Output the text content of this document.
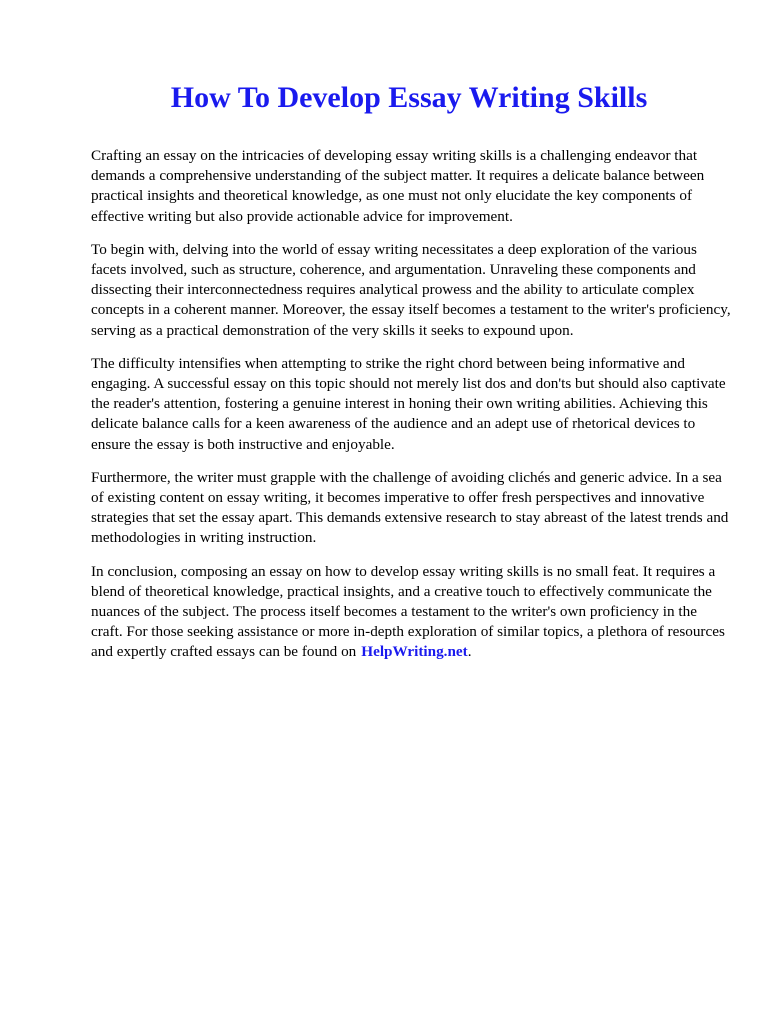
How To Develop Essay Writing Skills

Crafting an essay on the intricacies of developing essay writing skills is a challenging endeavor that demands a comprehensive understanding of the subject matter. It requires a delicate balance between practical insights and theoretical knowledge, as one must not only elucidate the key components of effective writing but also provide actionable advice for improvement.

To begin with, delving into the world of essay writing necessitates a deep exploration of the various facets involved, such as structure, coherence, and argumentation. Unraveling these components and dissecting their interconnectedness requires analytical prowess and the ability to articulate complex concepts in a coherent manner. Moreover, the essay itself becomes a testament to the writer's proficiency, serving as a practical demonstration of the very skills it seeks to expound upon.

The difficulty intensifies when attempting to strike the right chord between being informative and engaging. A successful essay on this topic should not merely list dos and don'ts but should also captivate the reader's attention, fostering a genuine interest in honing their own writing abilities. Achieving this delicate balance calls for a keen awareness of the audience and an adept use of rhetorical devices to ensure the essay is both instructive and enjoyable.

Furthermore, the writer must grapple with the challenge of avoiding clichés and generic advice. In a sea of existing content on essay writing, it becomes imperative to offer fresh perspectives and innovative strategies that set the essay apart. This demands extensive research to stay abreast of the latest trends and methodologies in writing instruction.

In conclusion, composing an essay on how to develop essay writing skills is no small feat. It requires a blend of theoretical knowledge, practical insights, and a creative touch to effectively communicate the nuances of the subject. The process itself becomes a testament to the writer's own proficiency in the craft. For those seeking assistance or more in-depth exploration of similar topics, a plethora of resources and expertly crafted essays can be found on HelpWriting.net.
